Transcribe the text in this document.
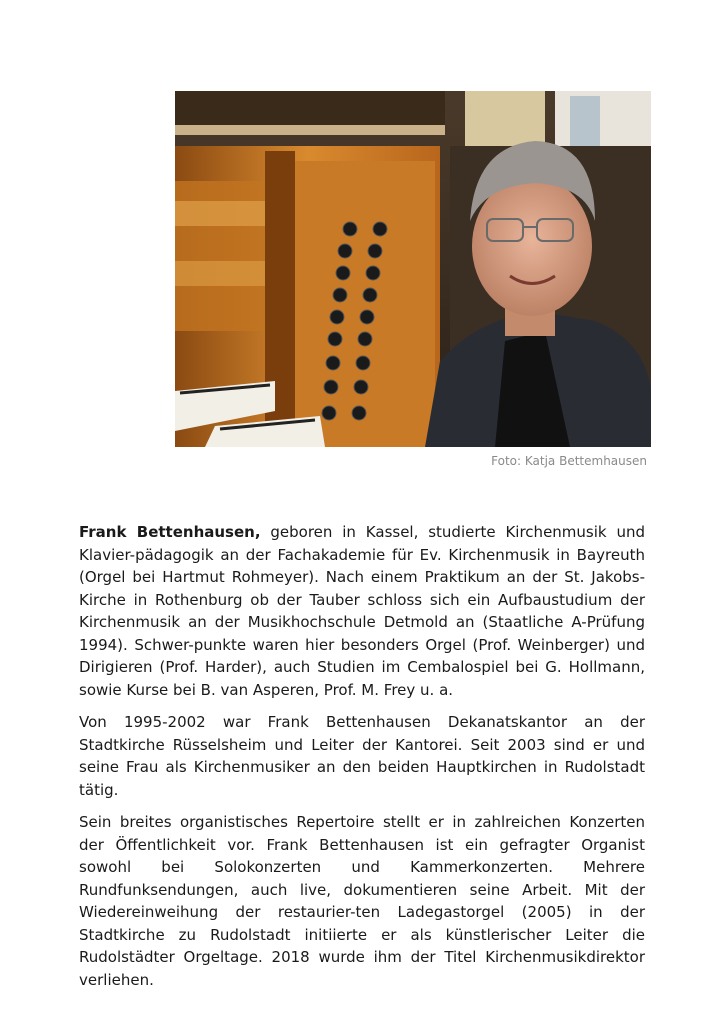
Foto: Katja Bettemhausen

Frank Bettenhausen, geboren in Kassel, studierte Kirchenmusik und Klavier-pädagogik an der Fachakademie für Ev. Kirchenmusik in Bayreuth (Orgel bei Hartmut Rohmeyer). Nach einem Praktikum an der St. Jakobs-Kirche in Rothenburg ob der Tauber schloss sich ein Aufbaustudium der Kirchenmusik an der Musikhochschule Detmold an (Staatliche A-Prüfung 1994). Schwer-punkte waren hier besonders Orgel (Prof. Weinberger) und Dirigieren (Prof. Harder), auch Studien im Cembalospiel bei G. Hollmann, sowie Kurse bei B. van Asperen, Prof. M. Frey u. a.

Von 1995-2002 war Frank Bettenhausen Dekanatskantor an der Stadtkirche Rüsselsheim und Leiter der Kantorei. Seit 2003 sind er und seine Frau als Kirchenmusiker an den beiden Hauptkirchen in Rudolstadt tätig.

Sein breites organistisches Repertoire stellt er in zahlreichen Konzerten der Öffentlichkeit vor. Frank Bettenhausen ist ein gefragter Organist sowohl bei Solokonzerten und Kammerkonzerten. Mehrere Rundfunksendungen, auch live, dokumentieren seine Arbeit. Mit der Wiedereinweihung der restaurier-ten Ladegastorgel (2005) in der Stadtkirche zu Rudolstadt initiierte er als künstlerischer Leiter die Rudolstädter Orgeltage. 2018 wurde ihm der Titel Kirchenmusikdirektor verliehen.
